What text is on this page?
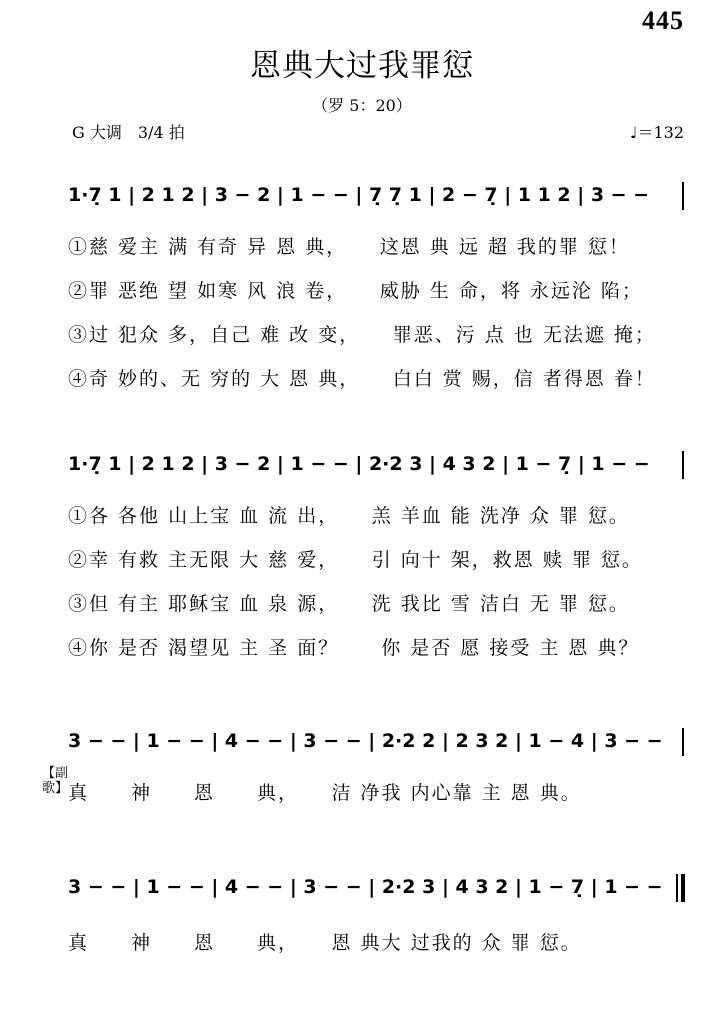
445
恩典大过我罪愆
（罗 5：20）
G 大调　3/4 拍	♩＝132
1·7̣ 1 | 2 1 2 | 3 − 2 | 1 − − | 7̣ 7̣ 1 | 2 − 7̣ | 1 1 2 | 3 − −
①慈 爱主 满 有奇 异 恩 典，　　这恩 典 远 超 我的罪 愆！
②罪 恶绝 望 如寒 风 浪 卷，　　威胁 生 命，将 永远沦 陷；
③过 犯众 多，自己 难 改 变，　　罪恶、污 点 也 无法遮 掩；
④奇 妙的、无 穷的 大 恩 典，　　白白 赏 赐，信 者得恩 眷！
1·7̣ 1 | 2 1 2 | 3 − 2 | 1 − − | 2·2 3 | 4 3 2 | 1 − 7̣ | 1 − −
①各 各他 山上宝 血 流 出，　　羔 羊血 能 洗净 众 罪 愆。
②幸 有救 主无限 大 慈 爱，　　引 向十 架，救恩 赎 罪 愆。
③但 有主 耶稣宝 血 泉 源，　　洗 我比 雪 洁白 无 罪 愆。
④你 是否 渴望见 主 圣 面？　　你 是否 愿 接受 主 恩 典？
3 − − | 1 − − | 4 − − | 3 − − | 2·2 2 | 2 3 2 | 1 − 4 | 3 − −
【副歌】 真　　神　　恩　　典，　　洁 净我 内心靠 主 恩 典。
3 − − | 1 − − | 4 − − | 3 − − | 2·2 3 | 4 3 2 | 1 − 7̣ | 1 − −
真　　神　　恩　　典，　　恩 典大 过我的 众 罪 愆。
